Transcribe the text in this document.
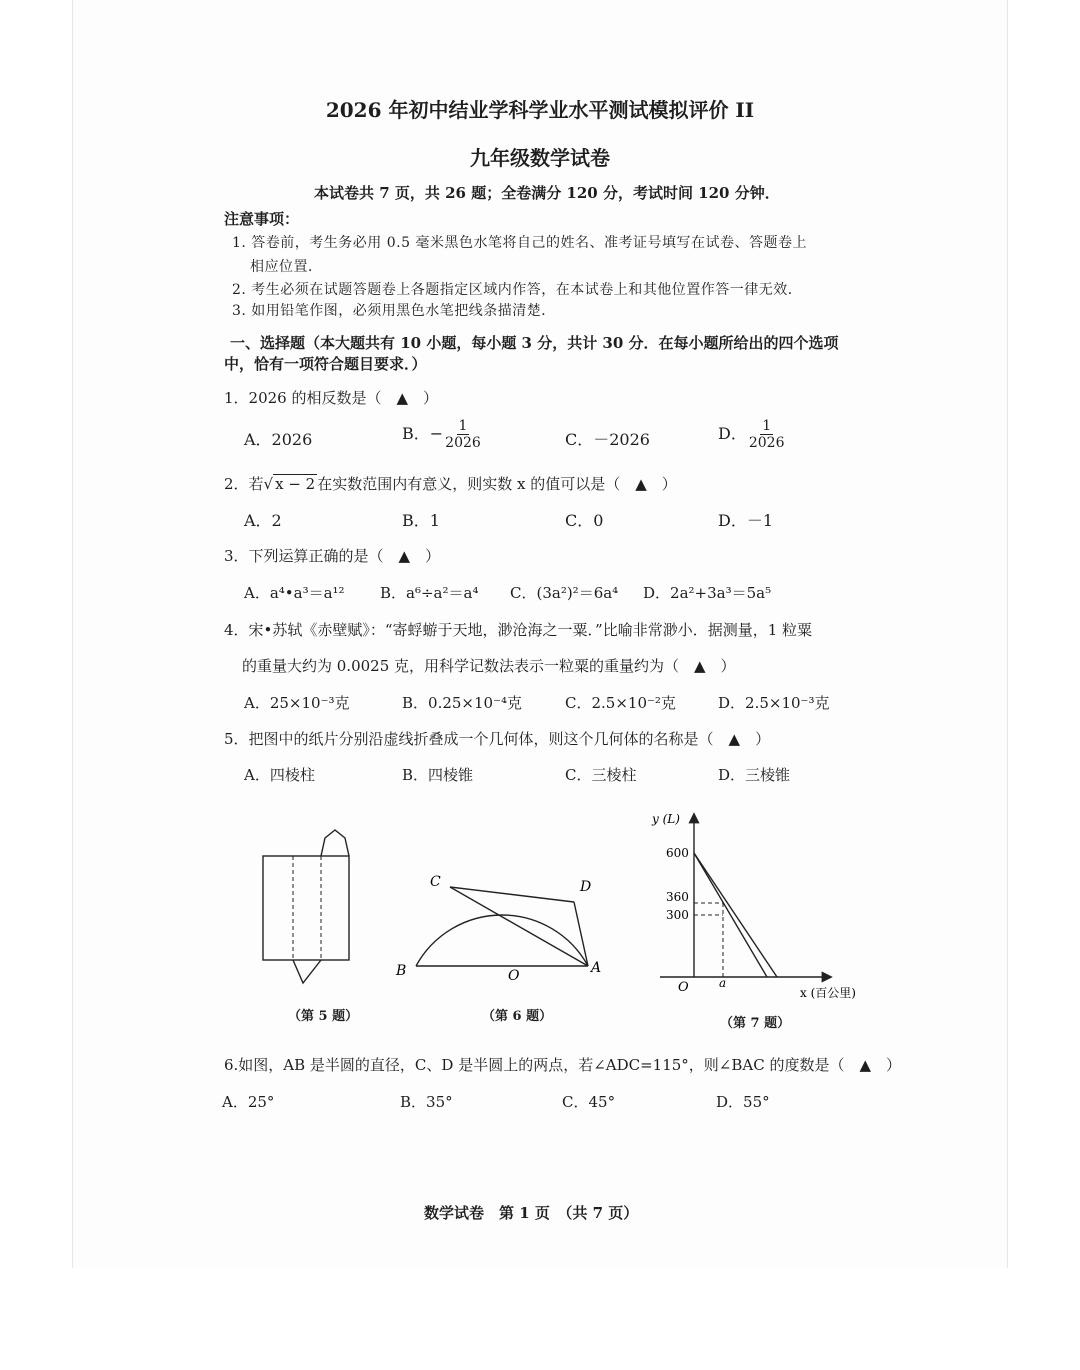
2026 年初中结业学科学业水平测试模拟评价 II
九年级数学试卷
本试卷共 7 页，共 26 题；全卷满分 120 分，考试时间 120 分钟．
注意事项：
1. 答卷前，考生务必用 0.5 毫米黑色水笔将自己的姓名、准考证号填写在试卷、答题卷上
相应位置．
2. 考生必须在试题答题卷上各题指定区域内作答，在本试卷上和其他位置作答一律无效．
3. 如用铅笔作图，必须用黑色水笔把线条描清楚．
一、选择题（本大题共有 10 小题，每小题 3 分，共计 30 分．在每小题所给出的四个选项
中，恰有一项符合题目要求．）
1．2026 的相反数是（　▲　）
A．2026	B．− $\frac{1}{2026}$	C．－2026	D． $\frac{1}{2026}$
2．若√ x − 2 在实数范围内有意义，则实数 x 的值可以是（　▲　）
A．2	B．1	C．0	D．－1
3．下列运算正确的是（　▲　）
A．a⁴•a³＝a¹² B．a⁶÷a²＝a⁴ C．(3a²)²＝6a⁴ D．2a²+3a³＝5a⁵
4．宋•苏轼《赤壁赋》：“寄蜉蝣于天地，渺沧海之一粟．”比喻非常渺小．据测量，1 粒粟
的重量大约为 0.0025 克，用科学记数法表示一粒粟的重量约为（　▲　）
A．25×10⁻³克	B．0.25×10⁻⁴克	C．2.5×10⁻²克	D．2.5×10⁻³克
5．把图中的纸片分别沿虚线折叠成一个几何体，则这个几何体的名称是（　▲　）
A．四棱柱	B．四棱锥	C．三棱柱	D．三棱锥
（第 5 题）
C	D
B	O	A
（第 6 题）
y (L)
x (百公里)
O	a
600
360
300
（第 7 题）
6.如图，AB 是半圆的直径，C、D 是半圆上的两点，若∠ADC=115°，则∠BAC 的度数是（　▲　）
A．25°	B．35°	C．45°	D．55°
数学试卷　第 1 页　（共 7 页）
